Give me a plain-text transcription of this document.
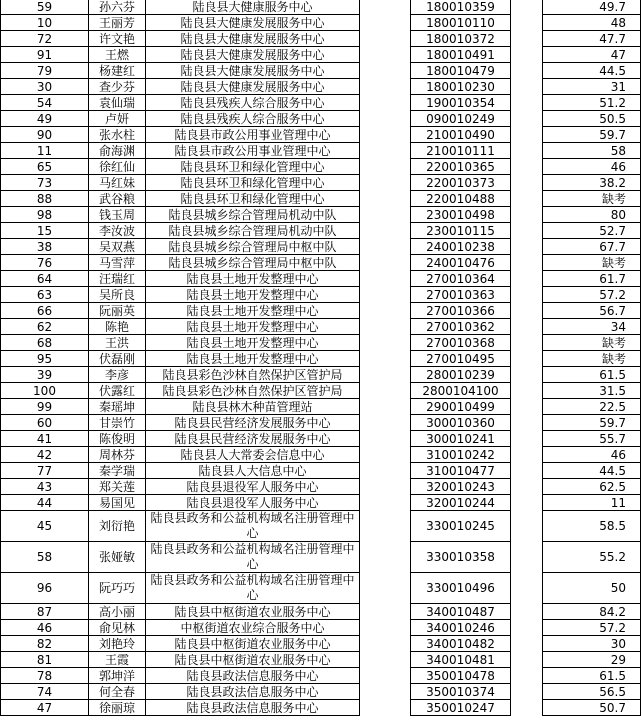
59	孙六芬	陆良县大健康服务中心		180010359		49.7
10	王丽芳	陆良县大健康发展服务中心		180010110		48
72	许文艳	陆良县大健康发展服务中心		180010372		47.7
91	王燃	陆良县大健康发展服务中心		180010491		47
79	杨建红	陆良县大健康发展服务中心		180010479		44.5
30	查少芬	陆良县大健康发展服务中心		180010230		31
54	袁仙瑞	陆良县残疾人综合服务中心		190010354		51.2
49	卢妍	陆良县残疾人综合服务中心		090010249		50.5
90	张水柱	陆良县市政公用事业管理中心		210010490		59.7
11	俞海渊	陆良县市政公用事业管理中心		210010111		58
65	徐红仙	陆良县环卫和绿化管理中心		220010365		46
73	马红妹	陆良县环卫和绿化管理中心		220010373		38.2
88	武谷粮	陆良县环卫和绿化管理中心		220010488		缺考
98	钱玉周	陆良县城乡综合管理局机动中队		230010498		80
15	李汝波	陆良县城乡综合管理局机动中队		230010115		52.7
38	吴双燕	陆良县城乡综合管理局中枢中队		240010238		67.7
76	马雪萍	陆良县城乡综合管理局中枢中队		240010476		缺考
64	汪瑞红	陆良县土地开发整理中心		270010364		61.7
63	吴所良	陆良县土地开发整理中心		270010363		57.2
66	阮丽英	陆良县土地开发整理中心		270010366		56.7
62	陈艳	陆良县土地开发整理中心		270010362		34
68	王洪	陆良县土地开发整理中心		270010368		缺考
95	伏磊刚	陆良县土地开发整理中心		270010495		缺考
39	李彦	陆良县彩色沙林自然保护区管护局		280010239		61.5
100	伏露红	陆良县彩色沙林自然保护区管护局		2800104100		31.5
99	秦瑶坤	陆良县林木种苗管理站		290010499		22.5
60	甘崇竹	陆良县民营经济发展服务中心		300010360		59.7
41	陈俊明	陆良县民营经济发展服务中心		300010241		55.7
42	周林芬	陆良县人大常委会信息中心		310010242		46
77	秦学瑞	陆良县人大信息中心		310010477		44.5
43	郑关莲	陆良县退役军人服务中心		320010243		62.5
44	易国见	陆良县退役军人服务中心		320010244		11
45	刘衍艳	陆良县政务和公益机构域名注册管理中心		330010245		58.5
58	张娅敏	陆良县政务和公益机构域名注册管理中心		330010358		55.2
96	阮巧巧	陆良县政务和公益机构域名注册管理中心		330010496		50
87	高小丽	陆良县中枢街道农业服务中心		340010487		84.2
46	俞见林	中枢街道农业综合服务中心		340010246		57.2
82	刘艳玲	陆良县中枢街道农业服务中心		340010482		30
81	王霞	陆良县中枢街道农业服务中心		340010481		29
78	郭坤洋	陆良县政法信息服务中心		350010478		61.5
74	何全春	陆良县政法信息服务中心		350010374		56.5
47	徐丽琼	陆良县政法信息服务中心		350010247		50.7
